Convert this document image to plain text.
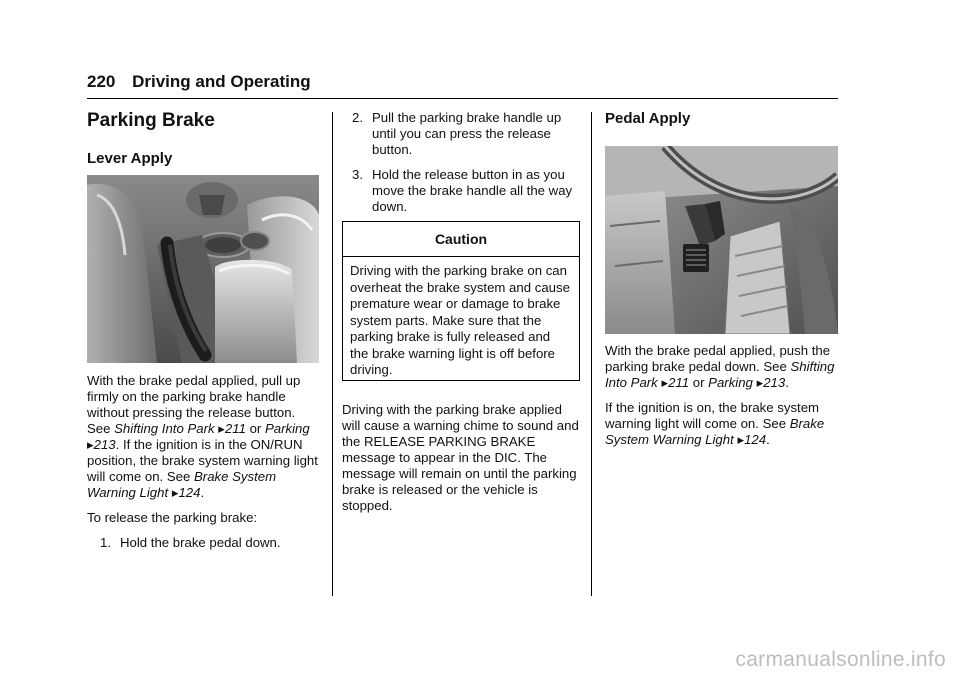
220 Driving and Operating
Parking Brake
Lever Apply

With the brake pedal applied, pull up firmly on the parking brake handle without pressing the release button. See Shifting Into Park ▸211 or Parking ▸213. If the ignition is in the ON/RUN position, the brake system warning light will come on. See Brake System Warning Light ▸124.

To release the parking brake:

1. Hold the brake pedal down.
2. Pull the parking brake handle up until you can press the release button.
3. Hold the release button in as you move the brake handle all the way down.
Caution
Driving with the parking brake on can overheat the brake system and cause premature wear or damage to brake system parts. Make sure that the parking brake is fully released and the brake warning light is off before driving.

Driving with the parking brake applied will cause a warning chime to sound and the RELEASE PARKING BRAKE message to appear in the DIC. The message will remain on until the parking brake is released or the vehicle is stopped.

Pedal Apply

With the brake pedal applied, push the parking brake pedal down. See Shifting Into Park ▸211 or Parking ▸213.

If the ignition is on, the brake system warning light will come on. See Brake System Warning Light ▸124.

carmanualsonline.info
